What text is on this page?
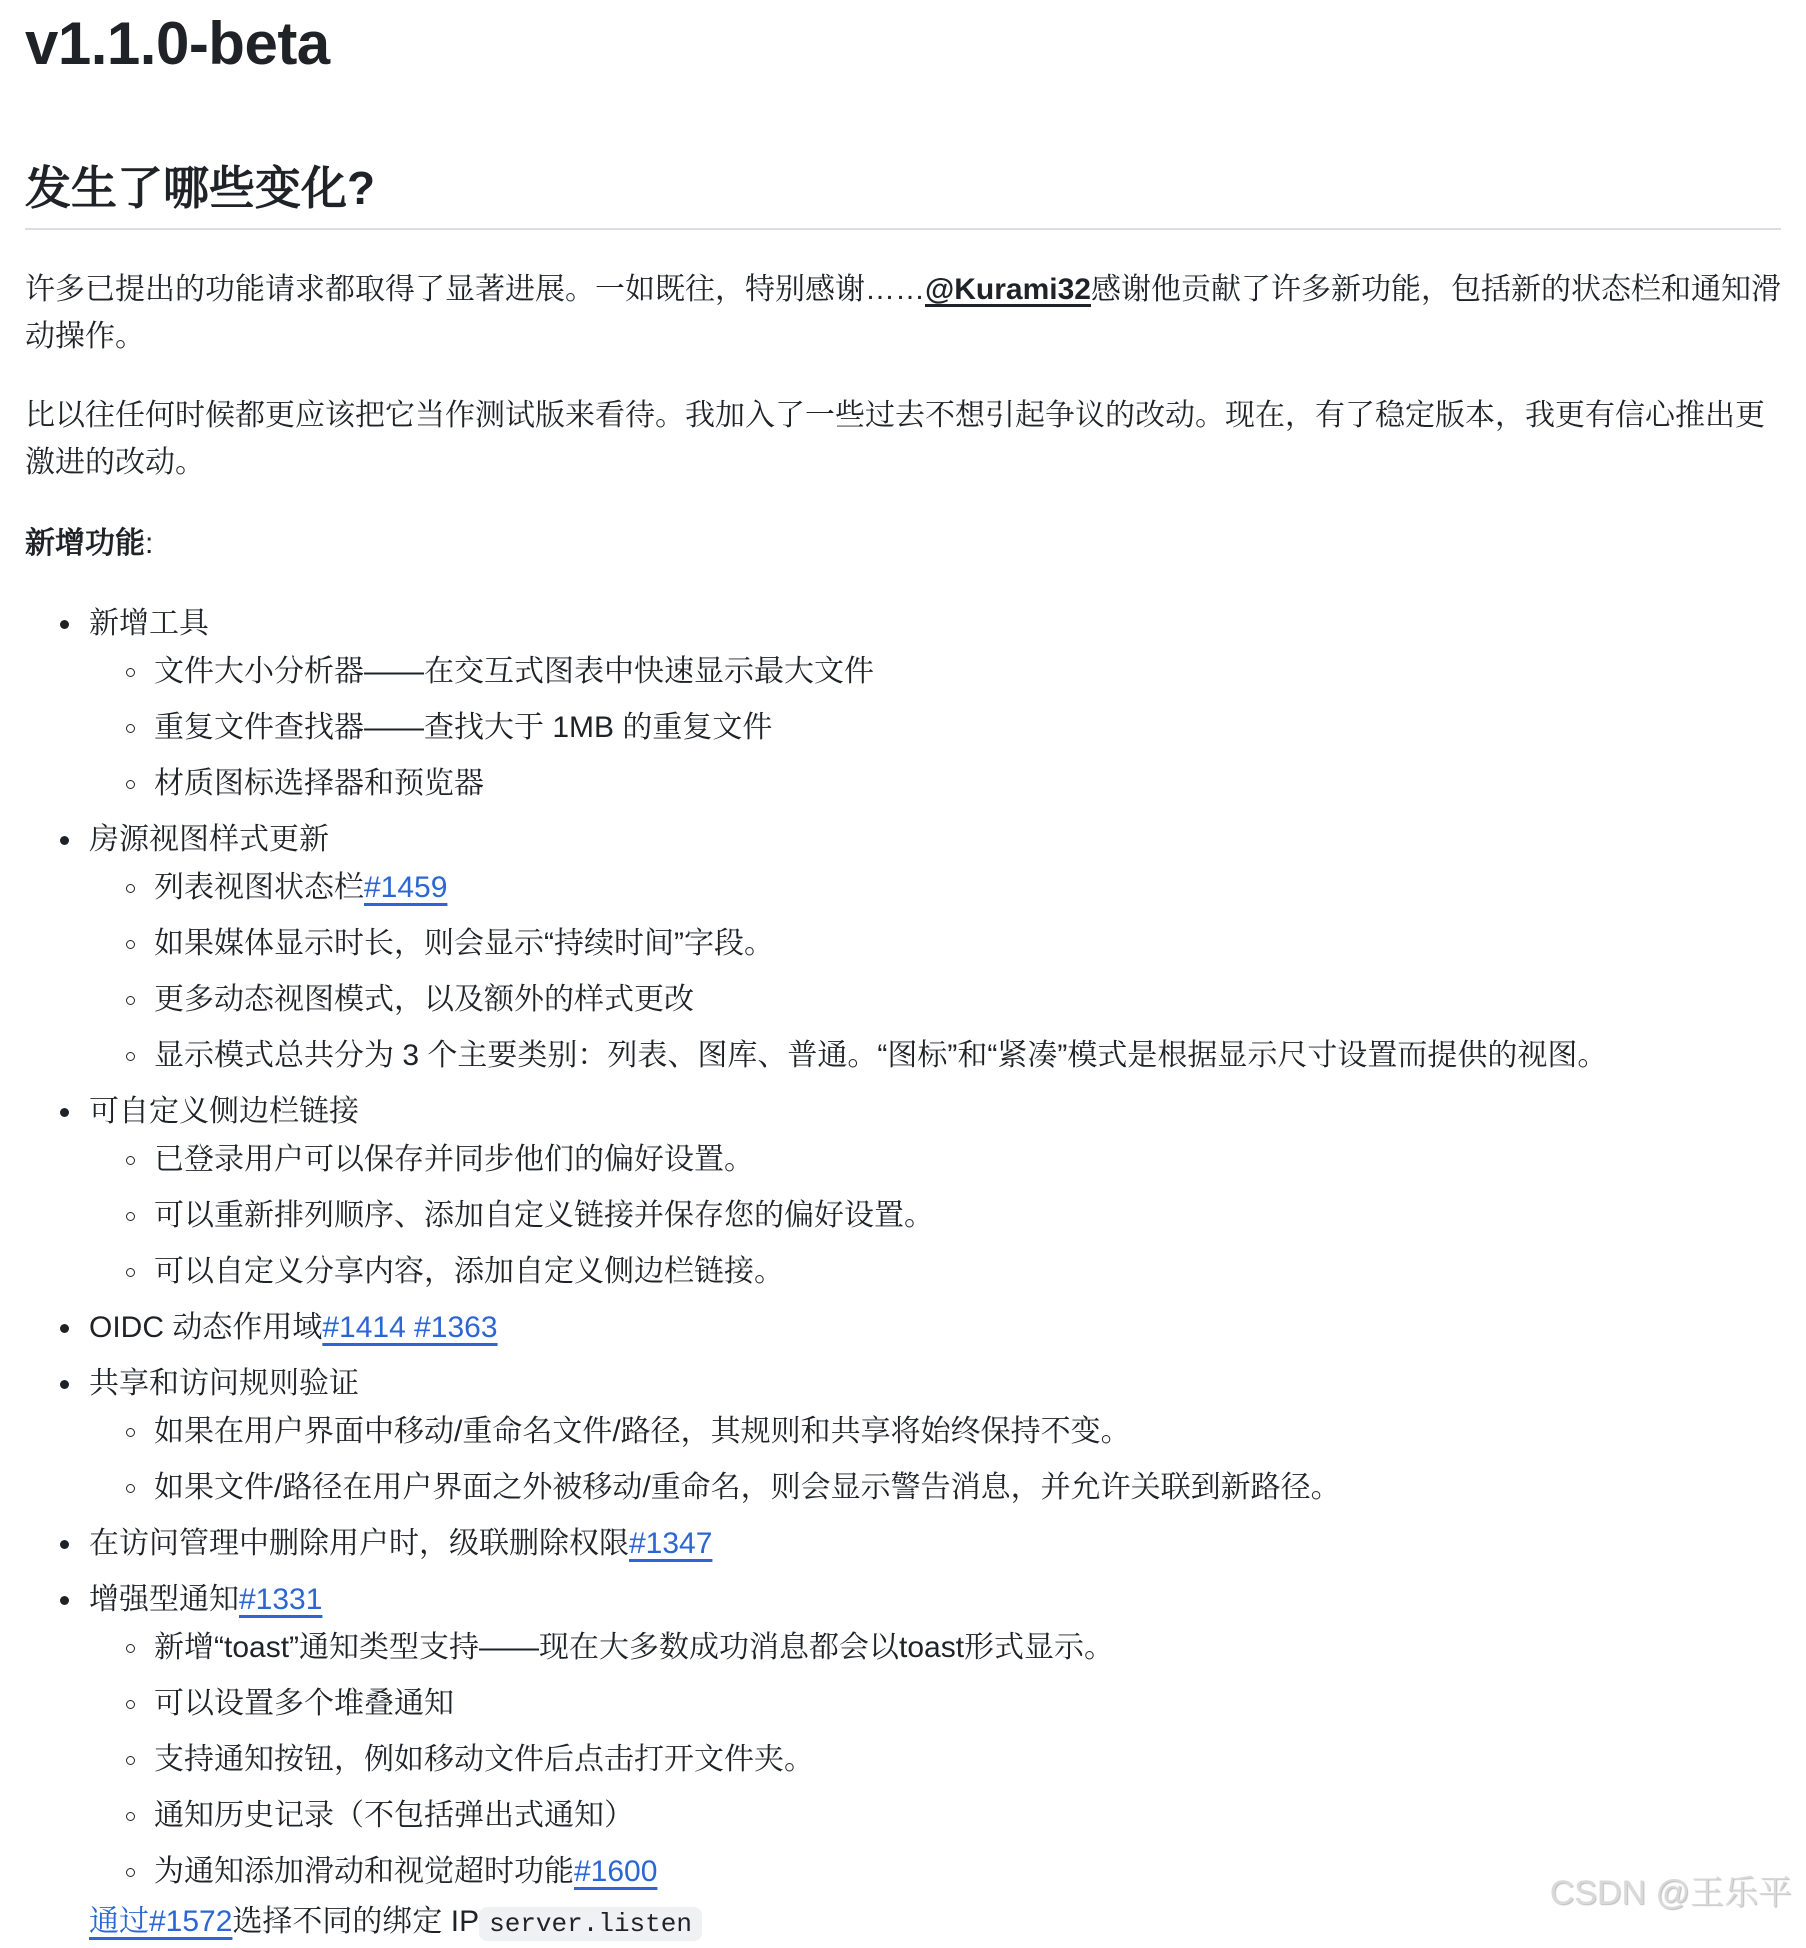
v1.1.0-beta
发生了哪些变化?

许多已提出的功能请求都取得了显著进展。一如既往，特别感谢……@Kurami32感谢他贡献了许多新功能，包括新的状态栏和通知滑动操作。

比以往任何时候都更应该把它当作测试版来看待。我加入了一些过去不想引起争议的改动。现在，有了稳定版本，我更有信心推出更激进的改动。

新增功能:
新增工具
文件大小分析器——在交互式图表中快速显示最大文件
重复文件查找器——查找大于 1MB 的重复文件
材质图标选择器和预览器
房源视图样式更新
列表视图状态栏#1459
如果媒体显示时长，则会显示“持续时间”字段。
更多动态视图模式，以及额外的样式更改
显示模式总共分为 3 个主要类别：列表、图库、普通。“图标”和“紧凑”模式是根据显示尺寸设置而提供的视图。
可自定义侧边栏链接
已登录用户可以保存并同步他们的偏好设置。
可以重新排列顺序、添加自定义链接并保存您的偏好设置。
可以自定义分享内容，添加自定义侧边栏链接。
OIDC 动态作用域#1414 #1363
共享和访问规则验证
如果在用户界面中移动/重命名文件/路径，其规则和共享将始终保持不变。
如果文件/路径在用户界面之外被移动/重命名，则会显示警告消息，并允许关联到新路径。
在访问管理中删除用户时，级联删除权限#1347
增强型通知#1331
新增“toast”通知类型支持——现在大多数成功消息都会以toast形式显示。
可以设置多个堆叠通知
支持通知按钮，例如移动文件后点击打开文件夹。
通知历史记录（不包括弹出式通知）
为通知添加滑动和视觉超时功能#1600
通过#1572选择不同的绑定 IP server.listen
CSDN @王乐平
